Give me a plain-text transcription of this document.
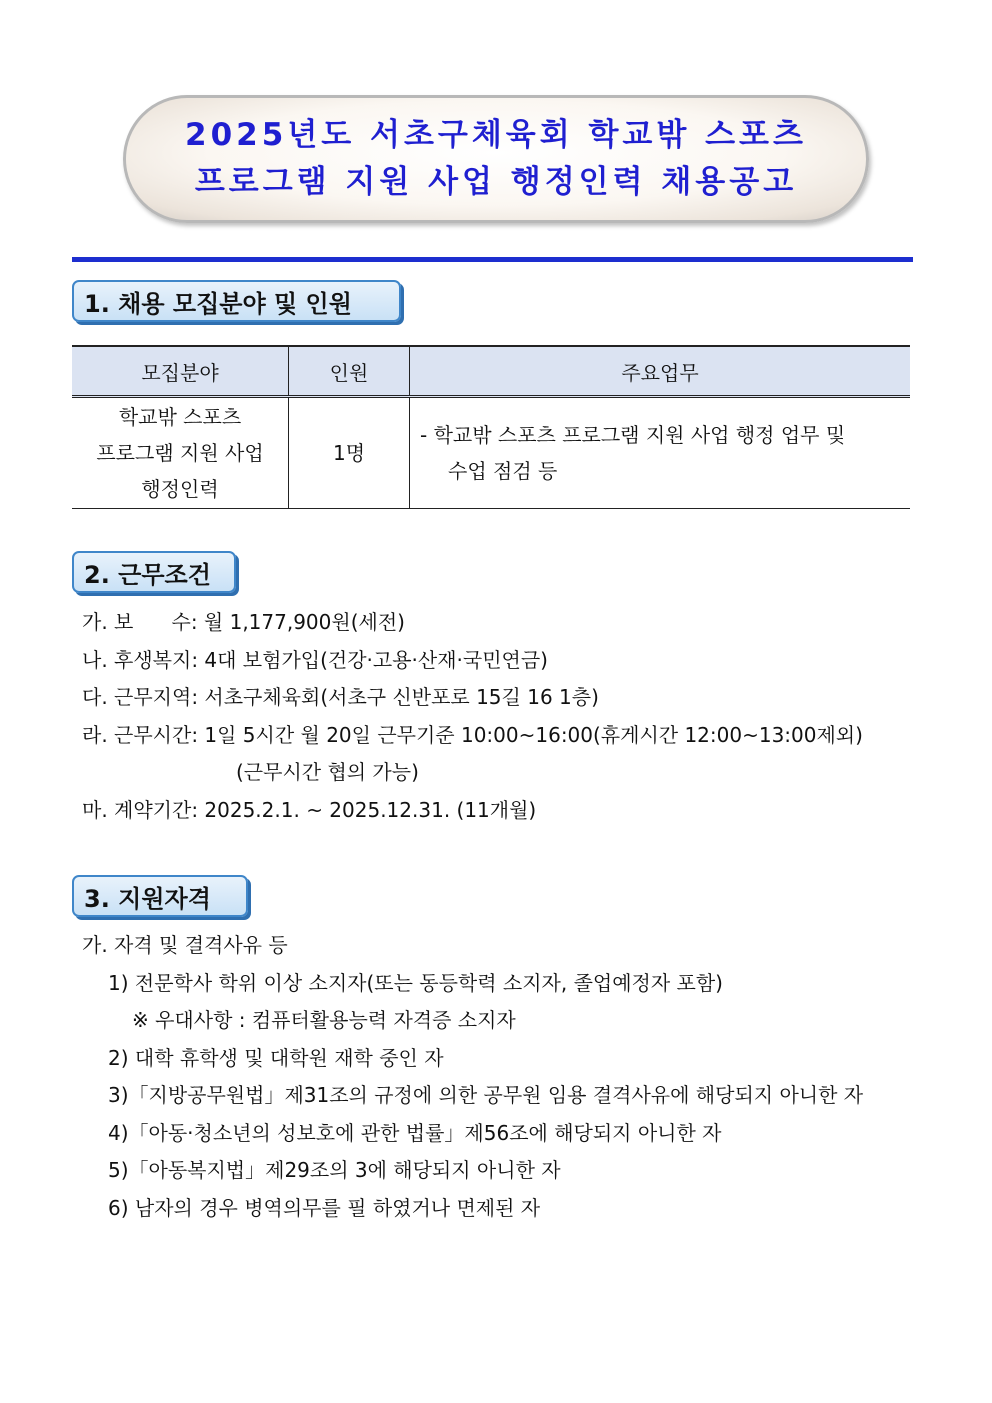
2025년도 서초구체육회 학교밖 스포츠
프로그램 지원 사업 행정인력 채용공고
1. 채용 모집분야 및 인원
모집분야	인원	주요업무

학교밖 스포츠
프로그램 지원 사업
행정인력	1명	- 학교밖 스포츠 프로그램 지원 사업 행정 업무 및
수업 점검 등
2. 근무조건
가. 보      수: 월 1,177,900원(세전)
나. 후생복지: 4대 보험가입(건강·고용·산재·국민연금)
다. 근무지역: 서초구체육회(서초구 신반포로 15길 16 1층)
라. 근무시간: 1일 5시간 월 20일 근무기준 10:00~16:00(휴게시간 12:00~13:00제외)
(근무시간 협의 가능)
마. 계약기간: 2025.2.1. ~ 2025.12.31. (11개월)
3. 지원자격
가. 자격 및 결격사유 등
1) 전문학사 학위 이상 소지자(또는 동등학력 소지자, 졸업예정자 포함)
※ 우대사항 : 컴퓨터활용능력 자격증 소지자
2) 대학 휴학생 및 대학원 재학 중인 자
3)「지방공무원법」제31조의 규정에 의한 공무원 임용 결격사유에 해당되지 아니한 자
4)「아동·청소년의 성보호에 관한 법률」제56조에 해당되지 아니한 자
5)「아동복지법」제29조의 3에 해당되지 아니한 자
6) 남자의 경우 병역의무를 필 하였거나 면제된 자
